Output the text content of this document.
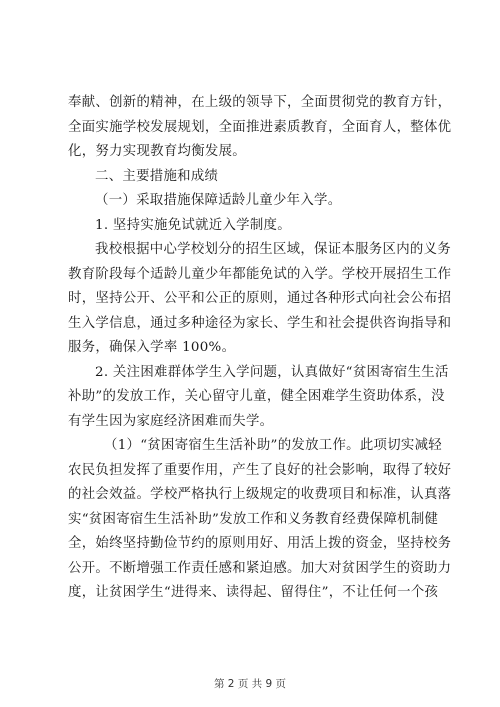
奉献、创新的精神，在上级的领导下，全面贯彻党的教育方针，
全面实施学校发展规划，全面推进素质教育，全面育人，整体优
化，努力实现教育均衡发展。
二、主要措施和成绩
（一）采取措施保障适龄儿童少年入学。
1. 坚持实施免试就近入学制度。
我校根据中心学校划分的招生区域，保证本服务区内的义务
教育阶段每个适龄儿童少年都能免试的入学。学校开展招生工作
时，坚持公开、公平和公正的原则，通过各种形式向社会公布招
生入学信息，通过多种途径为家长、学生和社会提供咨询指导和
服务，确保入学率 100%。
2. 关注困难群体学生入学问题，认真做好“贫困寄宿生生活
补助”的发放工作，关心留守儿童，健全困难学生资助体系，没
有学生因为家庭经济困难而失学。
（1）“贫困寄宿生生活补助”的发放工作。此项切实减轻
农民负担发挥了重要作用，产生了良好的社会影响，取得了较好
的社会效益。学校严格执行上级规定的收费项目和标准，认真落
实“贫困寄宿生生活补助”发放工作和义务教育经费保障机制健
全，始终坚持勤俭节约的原则用好、用活上拨的资金，坚持校务
公开。不断增强工作责任感和紧迫感。加大对贫困学生的资助力
度，让贫困学生“进得来、读得起、留得住”，不让任何一个孩
第 2 页 共 9 页
